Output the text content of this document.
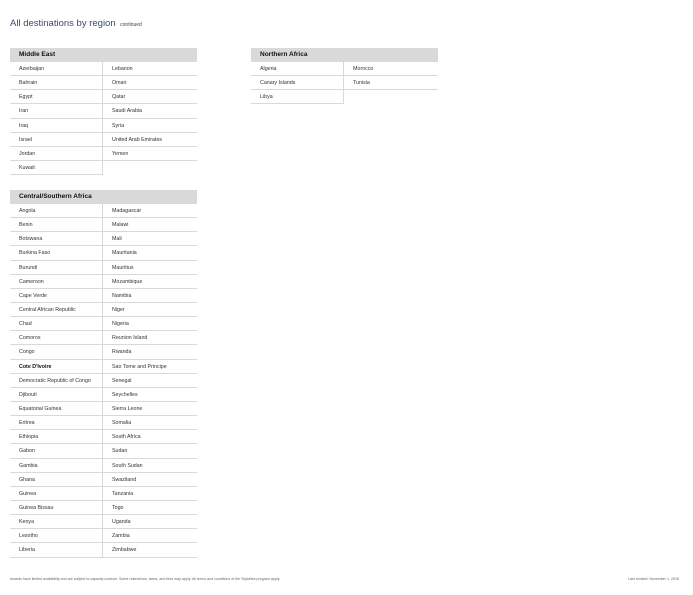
All destinations by region continued
Middle East
Azerbaijan	Lebanon
Bahrain	Oman
Egypt	Qatar
Iran	Saudi Arabia
Iraq	Syria
Israel	United Arab Emirates
Jordan	Yemen
Kuwait
Northern Africa
Algeria	Morocco
Canary Islands	Tunisia
Libya
Central/Southern Africa
Angola	Madagascar
Benin	Malawi
Botswana	Mali
Burkina Faso	Mauritania
Burundi	Mauritius
Cameroon	Mozambique
Cape Verde	Namibia
Central African Republic	Niger
Chad	Nigeria
Comoros	Reunion Island
Congo	Rwanda
Cote D'Ivoire	Sao Tome and Principe
Democratic Republic of Congo	Senegal
Djibouti	Seychelles
Equatorial Guinea	Sierra Leone
Eritrea	Somalia
Ethiopia	South Africa
Gabon	Sudan
Gambia	South Sudan
Ghana	Swaziland
Guinea	Tanzania
Guinea Bissau	Togo
Kenya	Uganda
Lesotho	Zambia
Liberia	Zimbabwe
Awards have limited availability and are subject to capacity controls. Some restrictions, taxes, and fees may apply. All terms and conditions of the SkyMiles program apply.	Last revised: November 1, 2015
